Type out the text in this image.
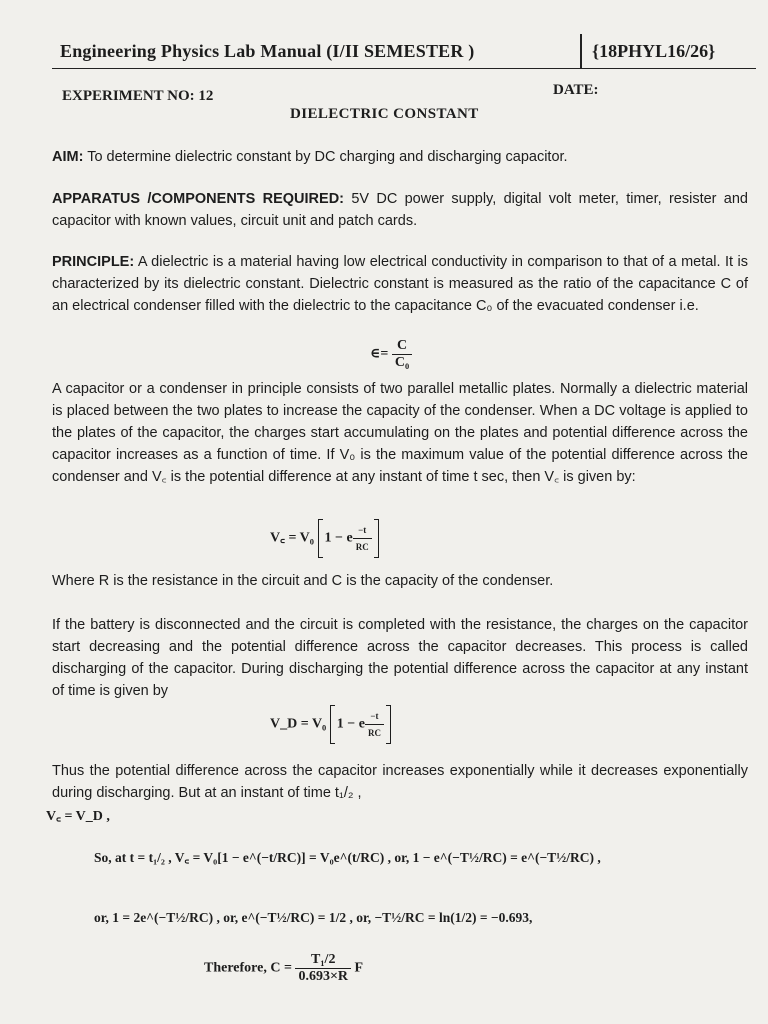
Engineering Physics Lab Manual (I/II SEMESTER )	{18PHYL16/26}
EXPERIMENT NO: 12	DATE:
DIELECTRIC CONSTANT
AIM: To determine dielectric constant by DC charging and discharging capacitor.
APPARATUS /COMPONENTS REQUIRED: 5V DC power supply, digital volt meter, timer, resister and capacitor with known values, circuit unit and patch cards.
PRINCIPLE: A dielectric is a material having low electrical conductivity in comparison to that of a metal. It is characterized by its dielectric constant. Dielectric constant is measured as the ratio of the capacitance C of an electrical condenser filled with the dielectric to the capacitance C₀ of the evacuated condenser i.e.
∈= $\frac{C}{\text{C₀}}$
A capacitor or a condenser in principle consists of two parallel metallic plates. Normally a dielectric material is placed between the two plates to increase the capacity of the condenser. When a DC voltage is applied to the plates of the capacitor, the charges start accumulating on the plates and potential difference across the capacitor increases as a function of time. If V₀ is the maximum value of the potential difference across the condenser and V꜀ is the potential difference at any instant of time t sec, then V꜀ is given by:
V꜀ = V₀ 1 − e $\frac{-t}{RC}$
Where R is the resistance in the circuit and C is the capacity of the condenser.
If the battery is disconnected and the circuit is completed with the resistance, the charges on the capacitor start decreasing and the potential difference across the capacitor decreases. This process is called discharging of the capacitor. During discharging the potential difference across the capacitor at any instant of time is given by
V_D = V₀ 1 − e $\frac{-t}{RC}$
Thus the potential difference across the capacitor increases exponentially while it decreases exponentially during discharging. But at an instant of time t₁/₂ ,
V꜀ = V_D ,
So, at t = t₁/₂ , V꜀ = V₀[1 − e^(−t/RC)] = V₀e^(t/RC) , or, 1 − e^(−T½/RC) = e^(−T½/RC) ,
or, 1 = 2e^(−T½/RC) , or, e^(−T½/RC) = 1/2 , or, −T½/RC = ln(1/2) = −0.693,
Therefore, $C = \frac{\text{T₁/2}}{0.693\times R}$ F
